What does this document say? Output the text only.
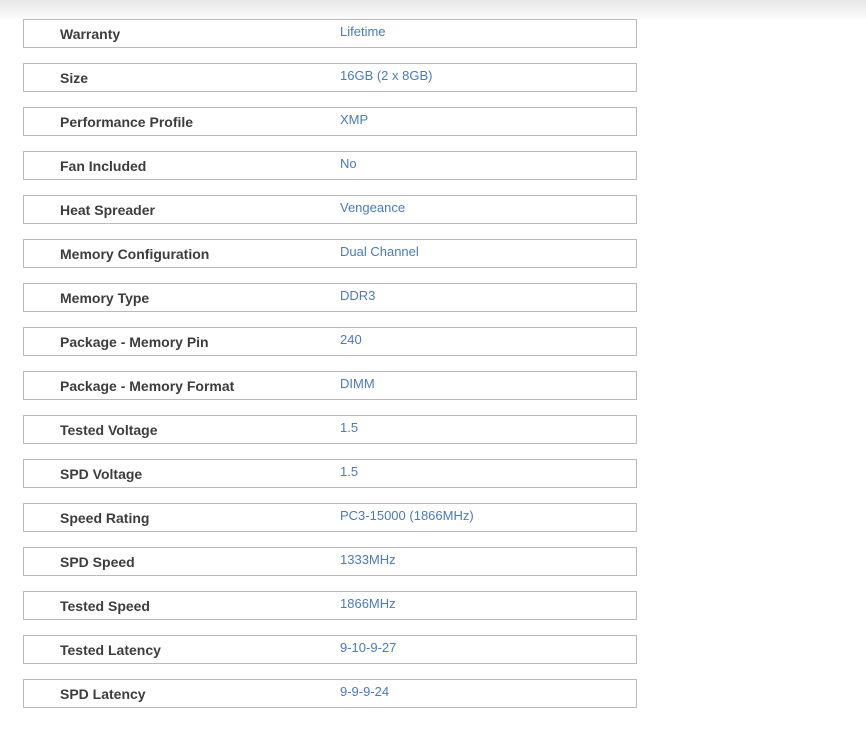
Warranty	Lifetime
Size	16GB (2 x 8GB)
Performance Profile	XMP
Fan Included	No
Heat Spreader	Vengeance
Memory Configuration	Dual Channel
Memory Type	DDR3
Package - Memory Pin	240
Package - Memory Format	DIMM
Tested Voltage	1.5
SPD Voltage	1.5
Speed Rating	PC3-15000 (1866MHz)
SPD Speed	1333MHz
Tested Speed	1866MHz
Tested Latency	9-10-9-27
SPD Latency	9-9-9-24
